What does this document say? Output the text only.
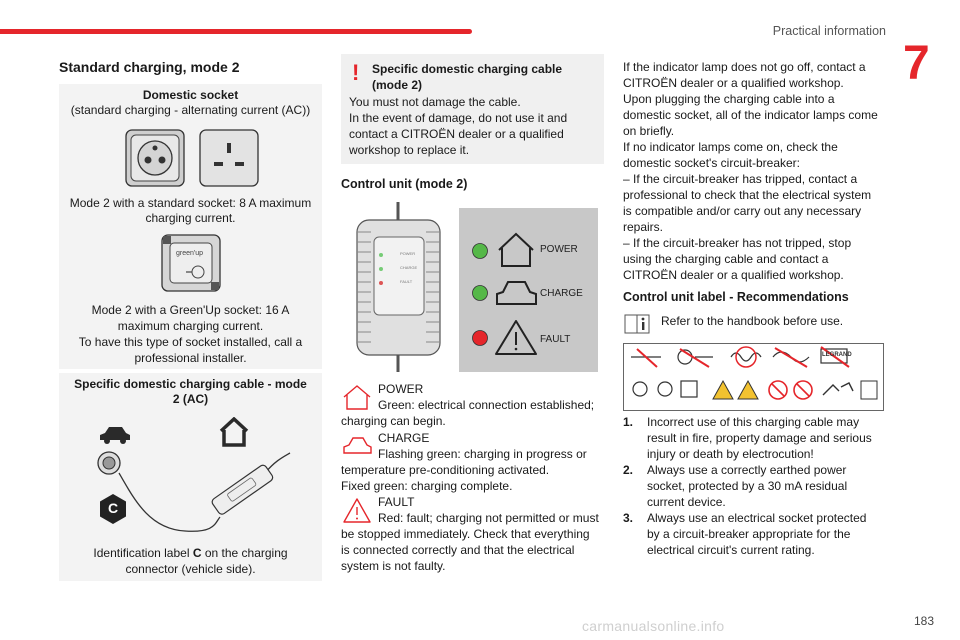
Practical information
7
Standard charging, mode 2
Domestic socket
(standard charging - alternating current (AC))
Mode 2 with a standard socket: 8 A maximum
charging current.
green'up
Mode 2 with a Green'Up socket: 16 A
maximum charging current.
To have this type of socket installed, call a
professional installer.
Specific domestic charging cable - mode
2 (AC)
C
Identification label C on the charging
connector (vehicle side).
! Specific domestic charging cable
(mode 2)
You must not damage the cable.
In the event of damage, do not use it and
contact a CITROËN dealer or a qualified
workshop to replace it.
Control unit (mode 2)
POWER
CHARGE
FAULT
POWER
CHARGE
FAULT
POWER
Green: electrical connection established;
charging can begin.
CHARGE
Flashing green: charging in progress or
temperature pre-conditioning activated.
Fixed green: charging complete.
FAULT
Red: fault; charging not permitted or must
be stopped immediately. Check that everything
is connected correctly and that the electrical
system is not faulty.
If the indicator lamp does not go off, contact a
CITROËN dealer or a qualified workshop.
Upon plugging the charging cable into a
domestic socket, all of the indicator lamps come
on briefly.
If no indicator lamps come on, check the
domestic socket's circuit-breaker:
– If the circuit-breaker has tripped, contact a
professional to check that the electrical system
is compatible and/or carry out any necessary
repairs.
– If the circuit-breaker has not tripped, stop
using the charging cable and contact a
CITROËN dealer or a qualified workshop.
Control unit label - Recommendations
Refer to the handbook before use.
LEGRAND
1. Incorrect use of this charging cable may
result in fire, property damage and serious
injury or death by electrocution!
2. Always use a correctly earthed power
socket, protected by a 30 mA residual
current device.
3. Always use an electrical socket protected
by a circuit-breaker appropriate for the
electrical circuit's current rating.
183
carmanualsonline.info
